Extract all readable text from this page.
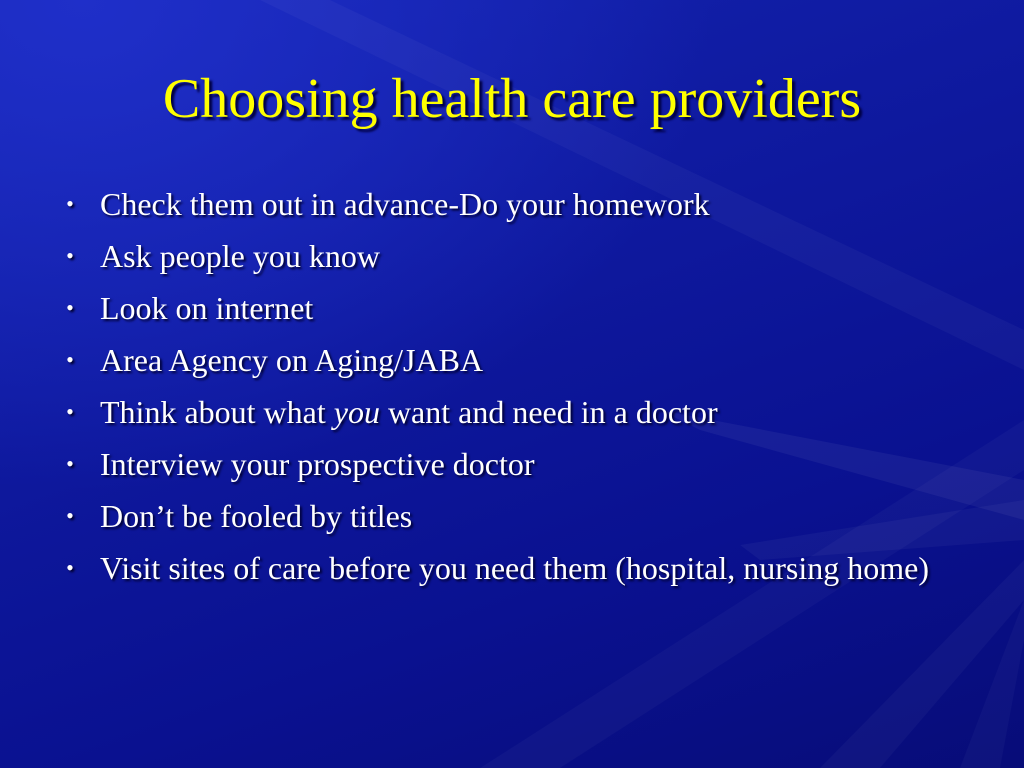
Choosing health care providers
• Check them out in advance-Do your homework
• Ask people you know
• Look on internet
• Area Agency on Aging/JABA
• Think about what you want and need in a doctor
• Interview your prospective doctor
• Don’t be fooled by titles
• Visit sites of care before you need them (hospital, nursing home)
